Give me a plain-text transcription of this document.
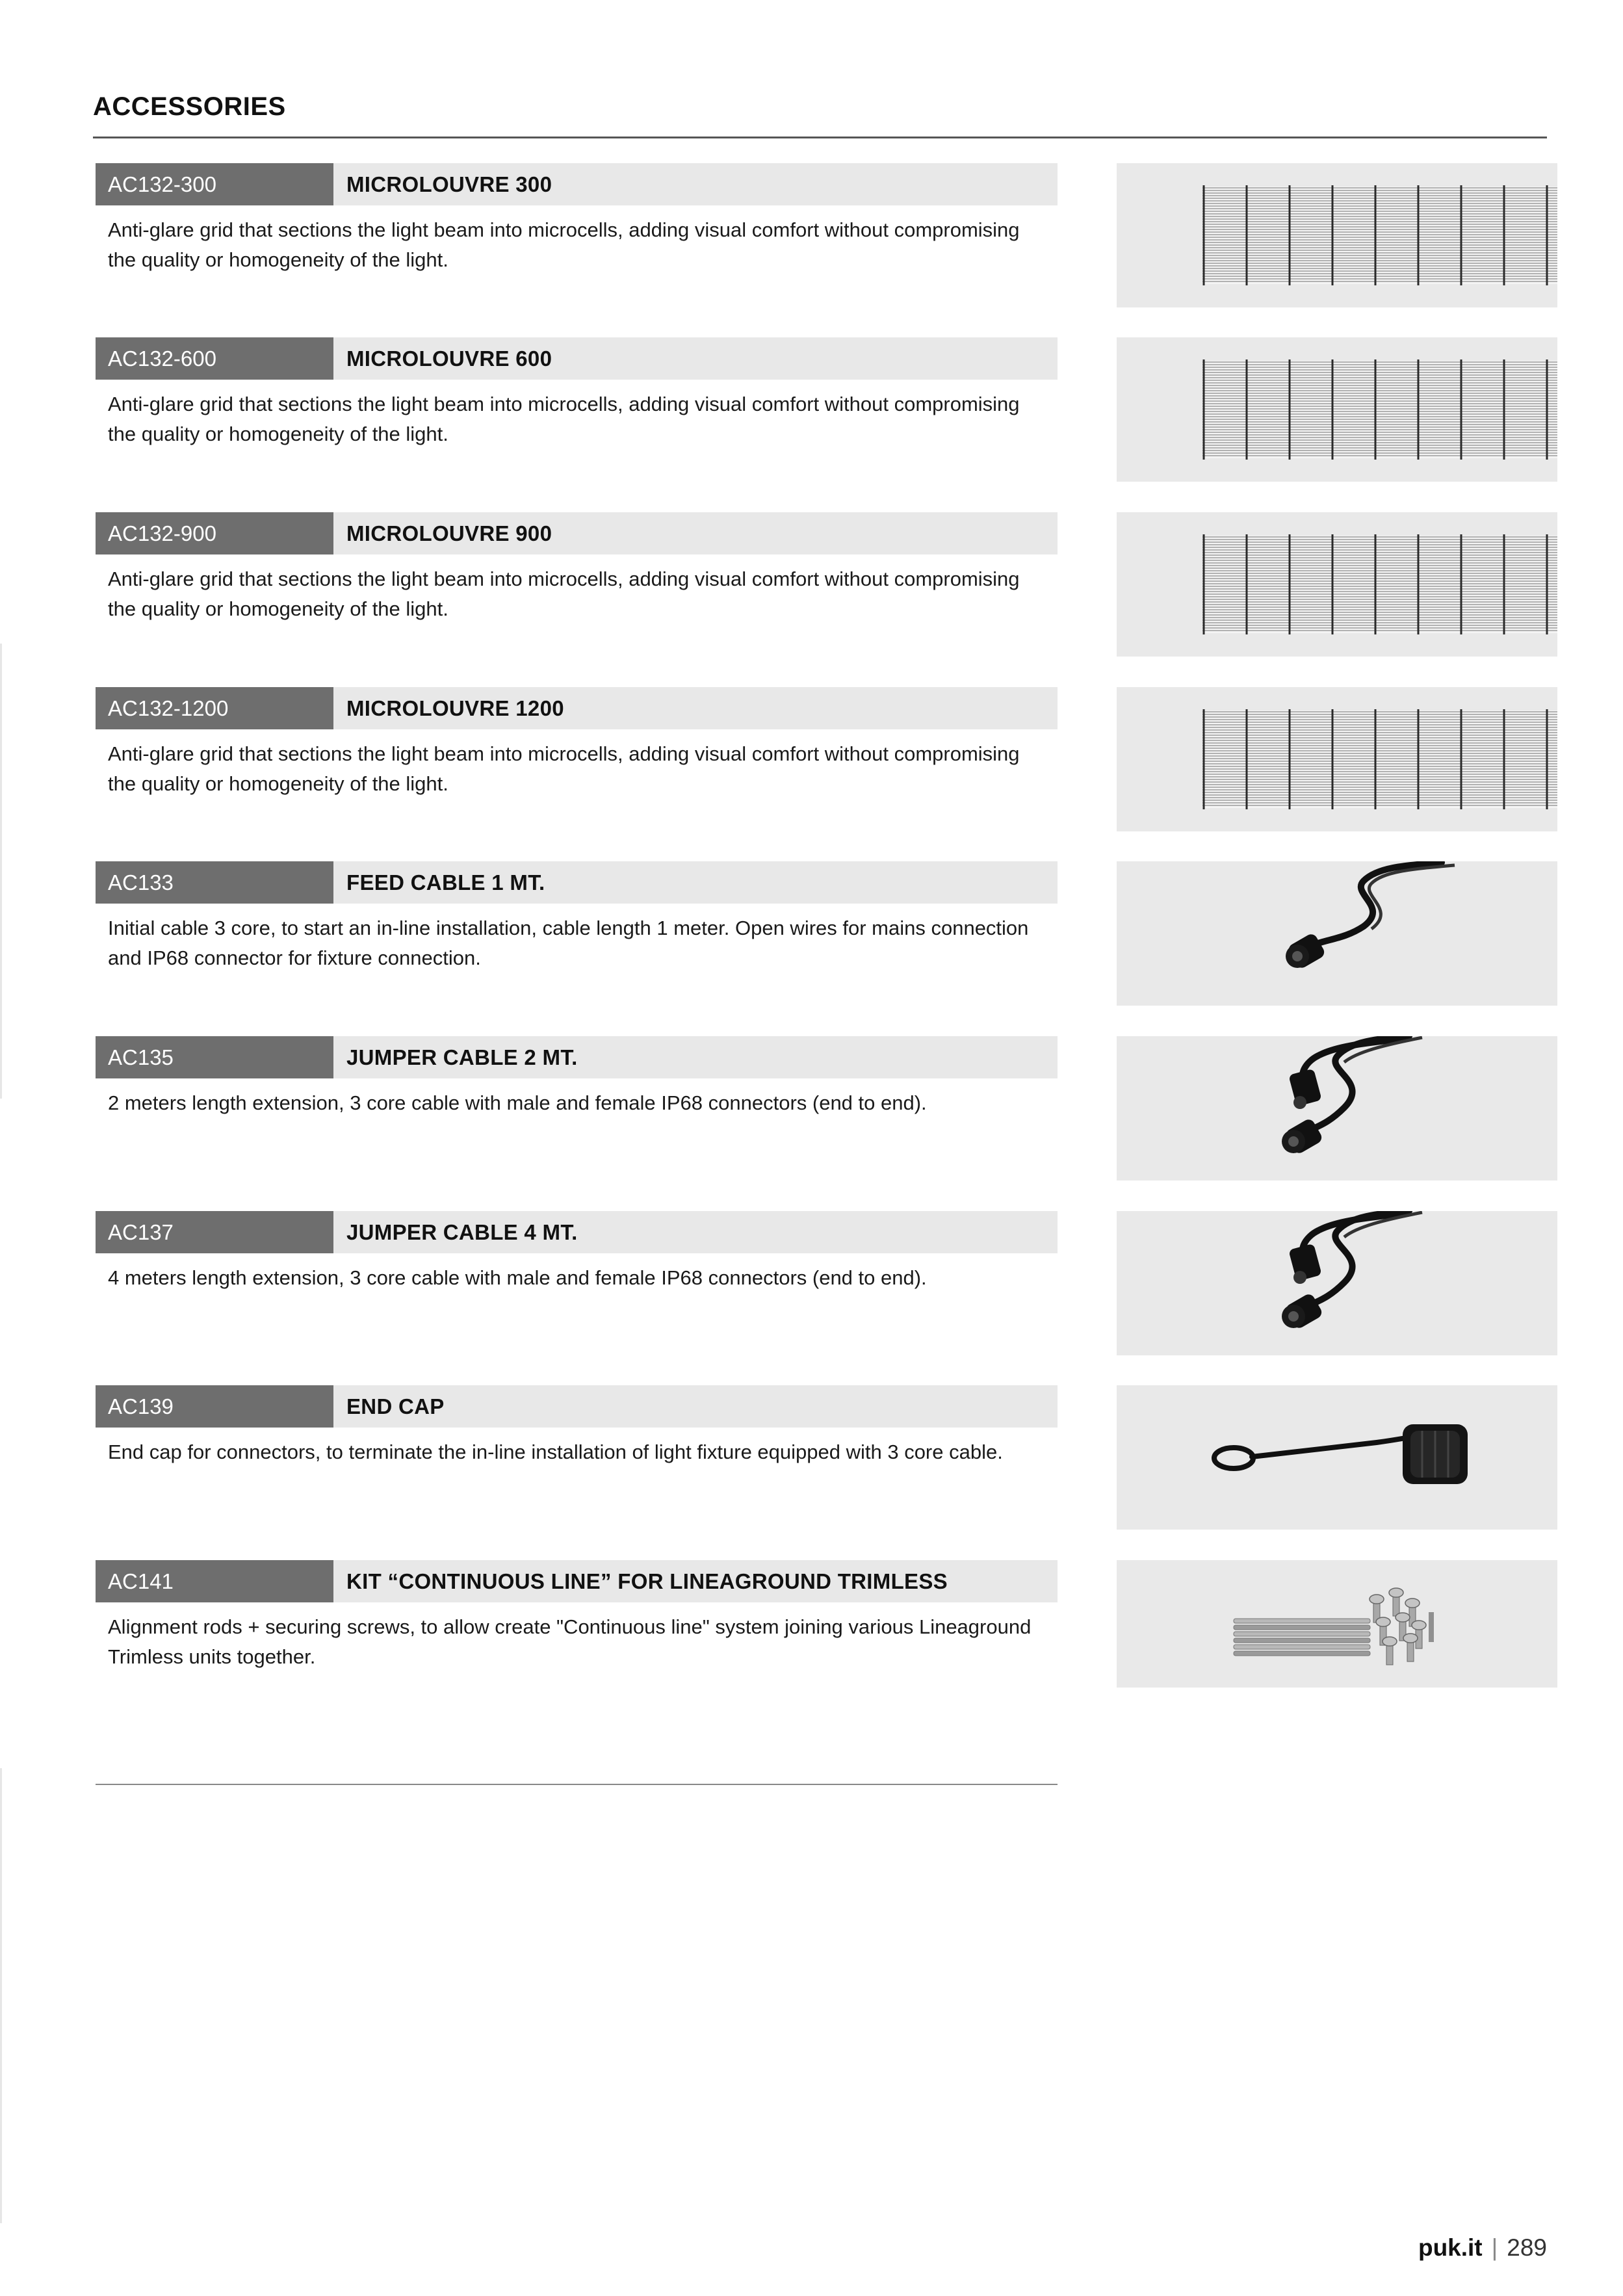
ACCESSORIES
AC132-300	MICROLOUVRE 300
Anti-glare grid that sections the light beam into microcells, adding visual comfort without compromising the quality or homogeneity of the light.
AC132-600	MICROLOUVRE 600
Anti-glare grid that sections the light beam into microcells, adding visual comfort without compromising the quality or homogeneity of the light.
AC132-900	MICROLOUVRE 900
Anti-glare grid that sections the light beam into microcells, adding visual comfort without compromising the quality or homogeneity of the light.
AC132-1200	MICROLOUVRE 1200
Anti-glare grid that sections the light beam into microcells, adding visual comfort without compromising the quality or homogeneity of the light.
AC133	FEED CABLE 1 MT.
Initial cable 3 core, to start an in-line installation, cable length 1 meter. Open wires for mains connection and IP68 connector for fixture connection.
AC135	JUMPER CABLE 2 MT.
2 meters length extension, 3 core cable with male and female IP68 connectors (end to end).
AC137	JUMPER CABLE 4 MT.
4 meters length extension, 3 core cable with male and female IP68 connectors (end to end).
AC139	END CAP
End cap for connectors, to terminate the in-line installation of light fixture equipped with 3 core cable.
AC141	KIT “CONTINUOUS LINE” FOR LINEAGROUND TRIMLESS
Alignment rods + securing screws, to allow create "Continuous line" system joining various Lineaground Trimless units together.
puk.it | 289
